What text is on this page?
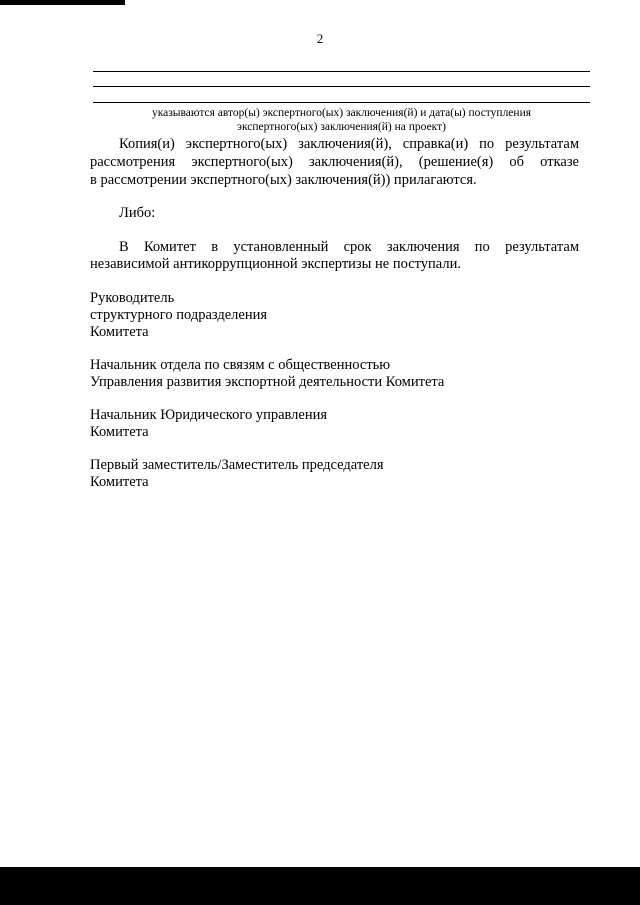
2
указываются автор(ы) экспертного(ых) заключения(й) и дата(ы) поступления
экспертного(ых) заключения(й) на проект)
Копия(и) экспертного(ых) заключения(й), справка(и) по результатам
рассмотрения экспертного(ых) заключения(й), (решение(я) об отказе
в рассмотрении экспертного(ых) заключения(й)) прилагаются.
Либо:
В Комитет в установленный срок заключения по результатам
независимой антикоррупционной экспертизы не поступали.
Руководитель
структурного подразделения
Комитета
Начальник отдела по связям с общественностью
Управления развития экспортной деятельности Комитета
Начальник Юридического управления
Комитета
Первый заместитель/Заместитель председателя
Комитета
